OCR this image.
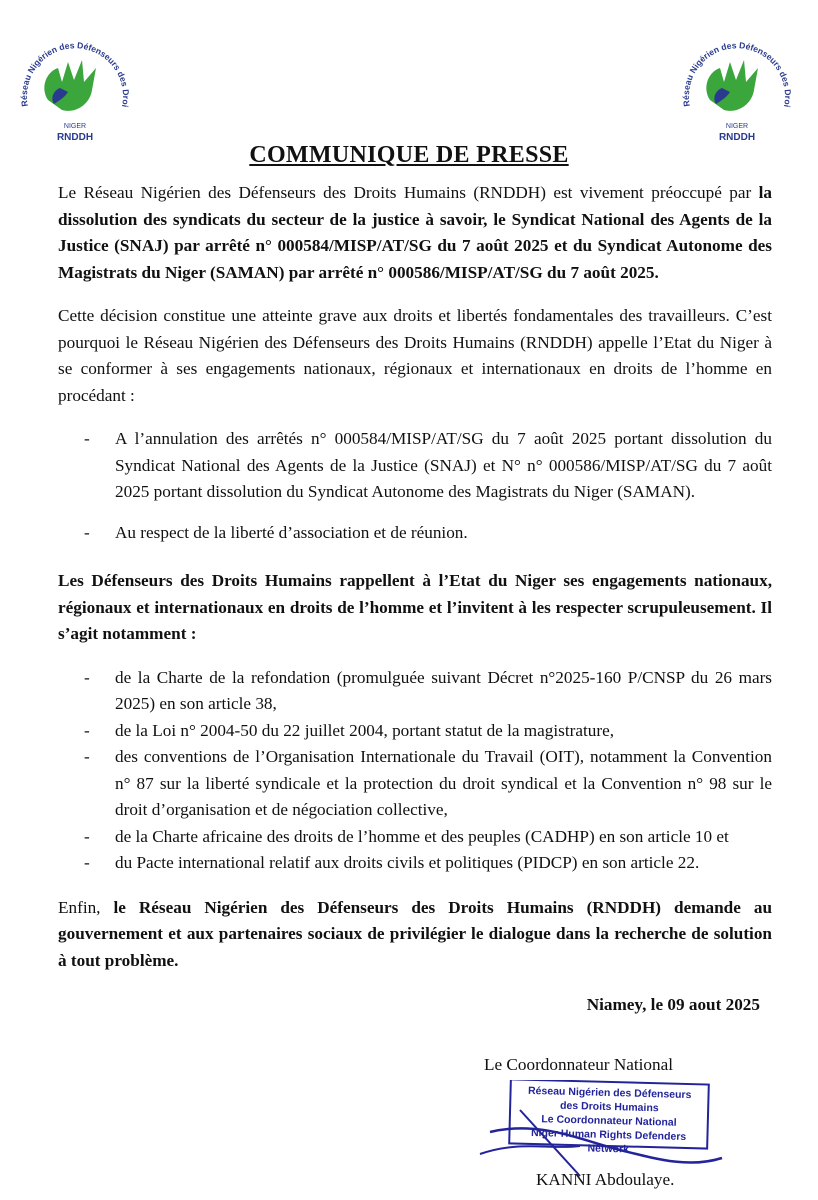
Réseau Nigérien des Défenseurs des Droi
NIGER
RNDDH
Réseau Nigérien des Défenseurs des Droi
NIGER
RNDDH
COMMUNIQUE DE PRESSE

Le Réseau Nigérien des Défenseurs des Droits Humains (RNDDH) est vivement préoccupé par la dissolution des syndicats du secteur de la justice à savoir, le Syndicat National des Agents de la Justice (SNAJ) par arrêté n° 000584/MISP/AT/SG du 7 août 2025 et du Syndicat Autonome des Magistrats du Niger (SAMAN) par arrêté n° 000586/MISP/AT/SG du 7 août 2025.

Cette décision constitue une atteinte grave aux droits et libertés fondamentales des travailleurs. C’est pourquoi le Réseau Nigérien des Défenseurs des Droits Humains (RNDDH) appelle l’Etat du Niger à se conformer à ses engagements nationaux, régionaux et internationaux en droits de l’homme en procédant :

- A l’annulation des arrêtés n° 000584/MISP/AT/SG du 7 août 2025 portant dissolution du Syndicat National des Agents de la Justice (SNAJ) et N° n° 000586/MISP/AT/SG du 7 août 2025 portant dissolution du Syndicat Autonome des Magistrats du Niger (SAMAN).
- Au respect de la liberté d’association et de réunion.

Les Défenseurs des Droits Humains rappellent à l’Etat du Niger ses engagements nationaux, régionaux et internationaux en droits de l’homme et l’invitent à les respecter scrupuleusement. Il s’agit notamment :

- de la Charte de la refondation (promulguée suivant Décret n°2025-160 P/CNSP du 26 mars 2025) en son article 38,
- de la Loi n° 2004-50 du 22 juillet 2004, portant statut de la magistrature,
- des conventions de l’Organisation Internationale du Travail (OIT), notamment la Convention n° 87 sur la liberté syndicale et la protection du droit syndical et la Convention n° 98 sur le droit d’organisation et de négociation collective,
- de la Charte africaine des droits de l’homme et des peuples (CADHP) en son article 10 et
- du Pacte international relatif aux droits civils et politiques (PIDCP) en son article 22.

Enfin, le Réseau Nigérien des Défenseurs des Droits Humains (RNDDH) demande au gouvernement et aux partenaires sociaux de privilégier le dialogue dans la recherche de solution à tout problème.

Niamey, le 09 aout 2025
Le Coordonnateur National
Réseau Nigérien des Défenseurs
des Droits Humains
Le Coordonnateur National
Niger Human Rights Defenders Network
KANNI Abdoulaye.
